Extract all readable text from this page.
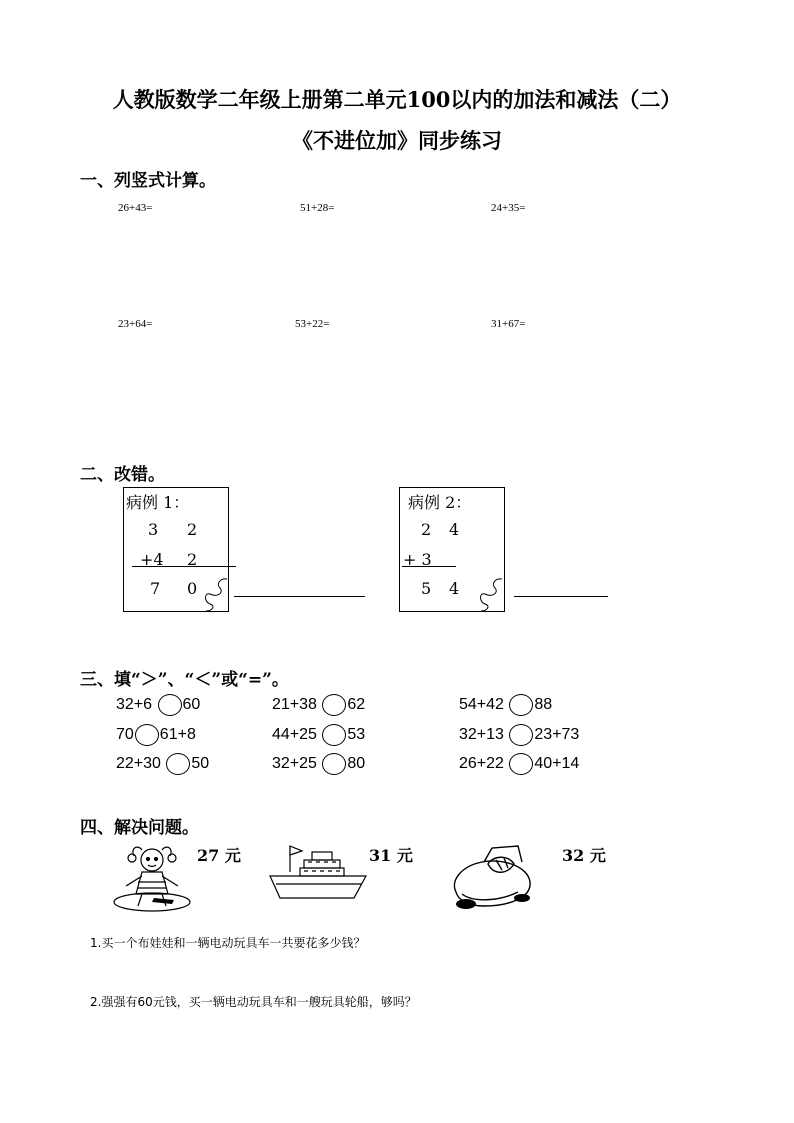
人教版数学二年级上册第二单元100以内的加法和减法（二）
《不进位加》同步练习
一、列竖式计算。
26+43=	51+28=	24+35=
23+64=	53+22=	31+67=
二、改错。
病例 1：
3 2
+4 2
7 0
病例 2：
2 4
+ 3
5 4
三、填“＞”、“＜”或“=”。
32+6 60	21+38 62	54+42 88
70 61+8	44+25 53	32+13 23+73
22+30 50	32+25 80	26+22 40+14
四、解决问题。
27 元	31 元	32 元
1.买一个布娃娃和一辆电动玩具车一共要花多少钱？
2.强强有60元钱，买一辆电动玩具车和一艘玩具轮船，够吗？
